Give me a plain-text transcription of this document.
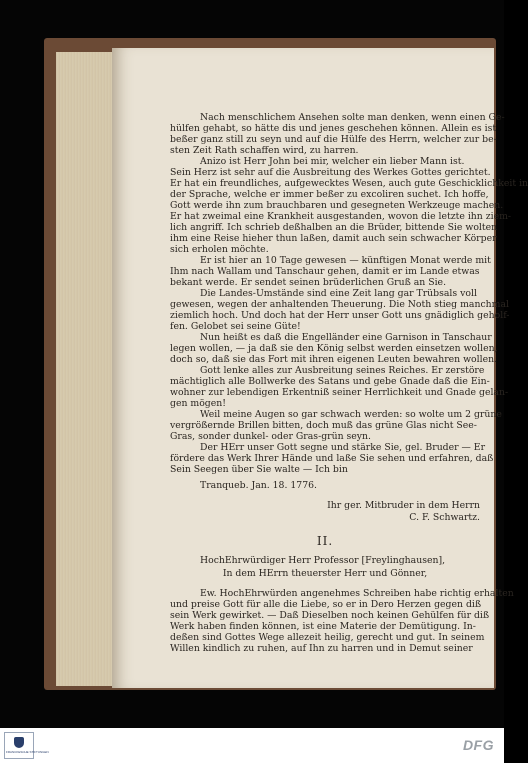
Nach menschlichem Ansehen solte man denken, wenn einen Ge-
hülfen gehabt, so hätte dis und jenes geschehen können. Allein es ist
beßer ganz still zu seyn und auf die Hülfe des Herrn, welcher zur be-
sten Zeit Rath schaffen wird, zu harren.
Anizo ist Herr John bei mir, welcher ein lieber Mann ist.
Sein Herz ist sehr auf die Ausbreitung des Werkes Gottes gerichtet.
Er hat ein freundliches, aufgewecktes Wesen, auch gute Geschicklichkeit in
der Sprache, welche er immer beßer zu excoliren suchet. Ich hoffe,
Gott werde ihn zum brauchbaren und gesegneten Werkzeuge machen.
Er hat zweimal eine Krankheit ausgestanden, wovon die letzte ihn ziem-
lich angriff. Ich schrieb deßhalben an die Brüder, bittende Sie wolten
ihm eine Reise hieher thun laßen, damit auch sein schwacher Körper
sich erholen möchte.
Er ist hier an 10 Tage gewesen — künftigen Monat werde mit
Ihm nach Wallam und Tanschaur gehen, damit er im Lande etwas
bekant werde. Er sendet seinen brüderlichen Gruß an Sie.
Die Landes-Umstände sind eine Zeit lang gar Trübsals voll
gewesen, wegen der anhaltenden Theuerung. Die Noth stieg manchmal
ziemlich hoch. Und doch hat der Herr unser Gott uns gnädiglich geholf-
fen. Gelobet sei seine Güte!
Nun heißt es daß die Engelländer eine Garnison in Tanschaur
legen wollen, — ja daß sie den König selbst werden einsetzen wollen,
doch so, daß sie das Fort mit ihren eigenen Leuten bewahren wollen.
Gott lenke alles zur Ausbreitung seines Reiches. Er zerstöre
mächtiglich alle Bollwerke des Satans und gebe Gnade daß die Ein-
wohner zur lebendigen Erkentniß seiner Herrlichkeit und Gnade gelan-
gen mögen!
Weil meine Augen so gar schwach werden: so wolte um 2 grüne
vergrößernde Brillen bitten, doch muß das grüne Glas nicht See-
Gras, sonder dunkel- oder Gras-grün seyn.
Der HErr unser Gott segne und stärke Sie, gel. Bruder — Er
fördere das Werk Ihrer Hände und laße Sie sehen und erfahren, daß
Sein Seegen über Sie walte — Ich bin
Tranqueb. Jan. 18. 1776.
Ihr ger. Mitbruder in dem Herrn
C. F. Schwartz.
II.
HochEhrwürdiger Herr Professor [Freylinghausen],
In dem HErrn theuerster Herr und Gönner,
Ew. HochEhrwürden angenehmes Schreiben habe richtig erhalten
und preise Gott für alle die Liebe, so er in Dero Herzen gegen diß
sein Werk gewirket. — Daß Dieselben noch keinen Gehülfen für diß
Werk haben finden können, ist eine Materie der Demütigung. In-
deßen sind Gottes Wege allezeit heilig, gerecht und gut. In seinem
Willen kindlich zu ruhen, auf Ihn zu harren und in Demut seiner
FRANCKESCHE STIFTUNGEN	DFG
